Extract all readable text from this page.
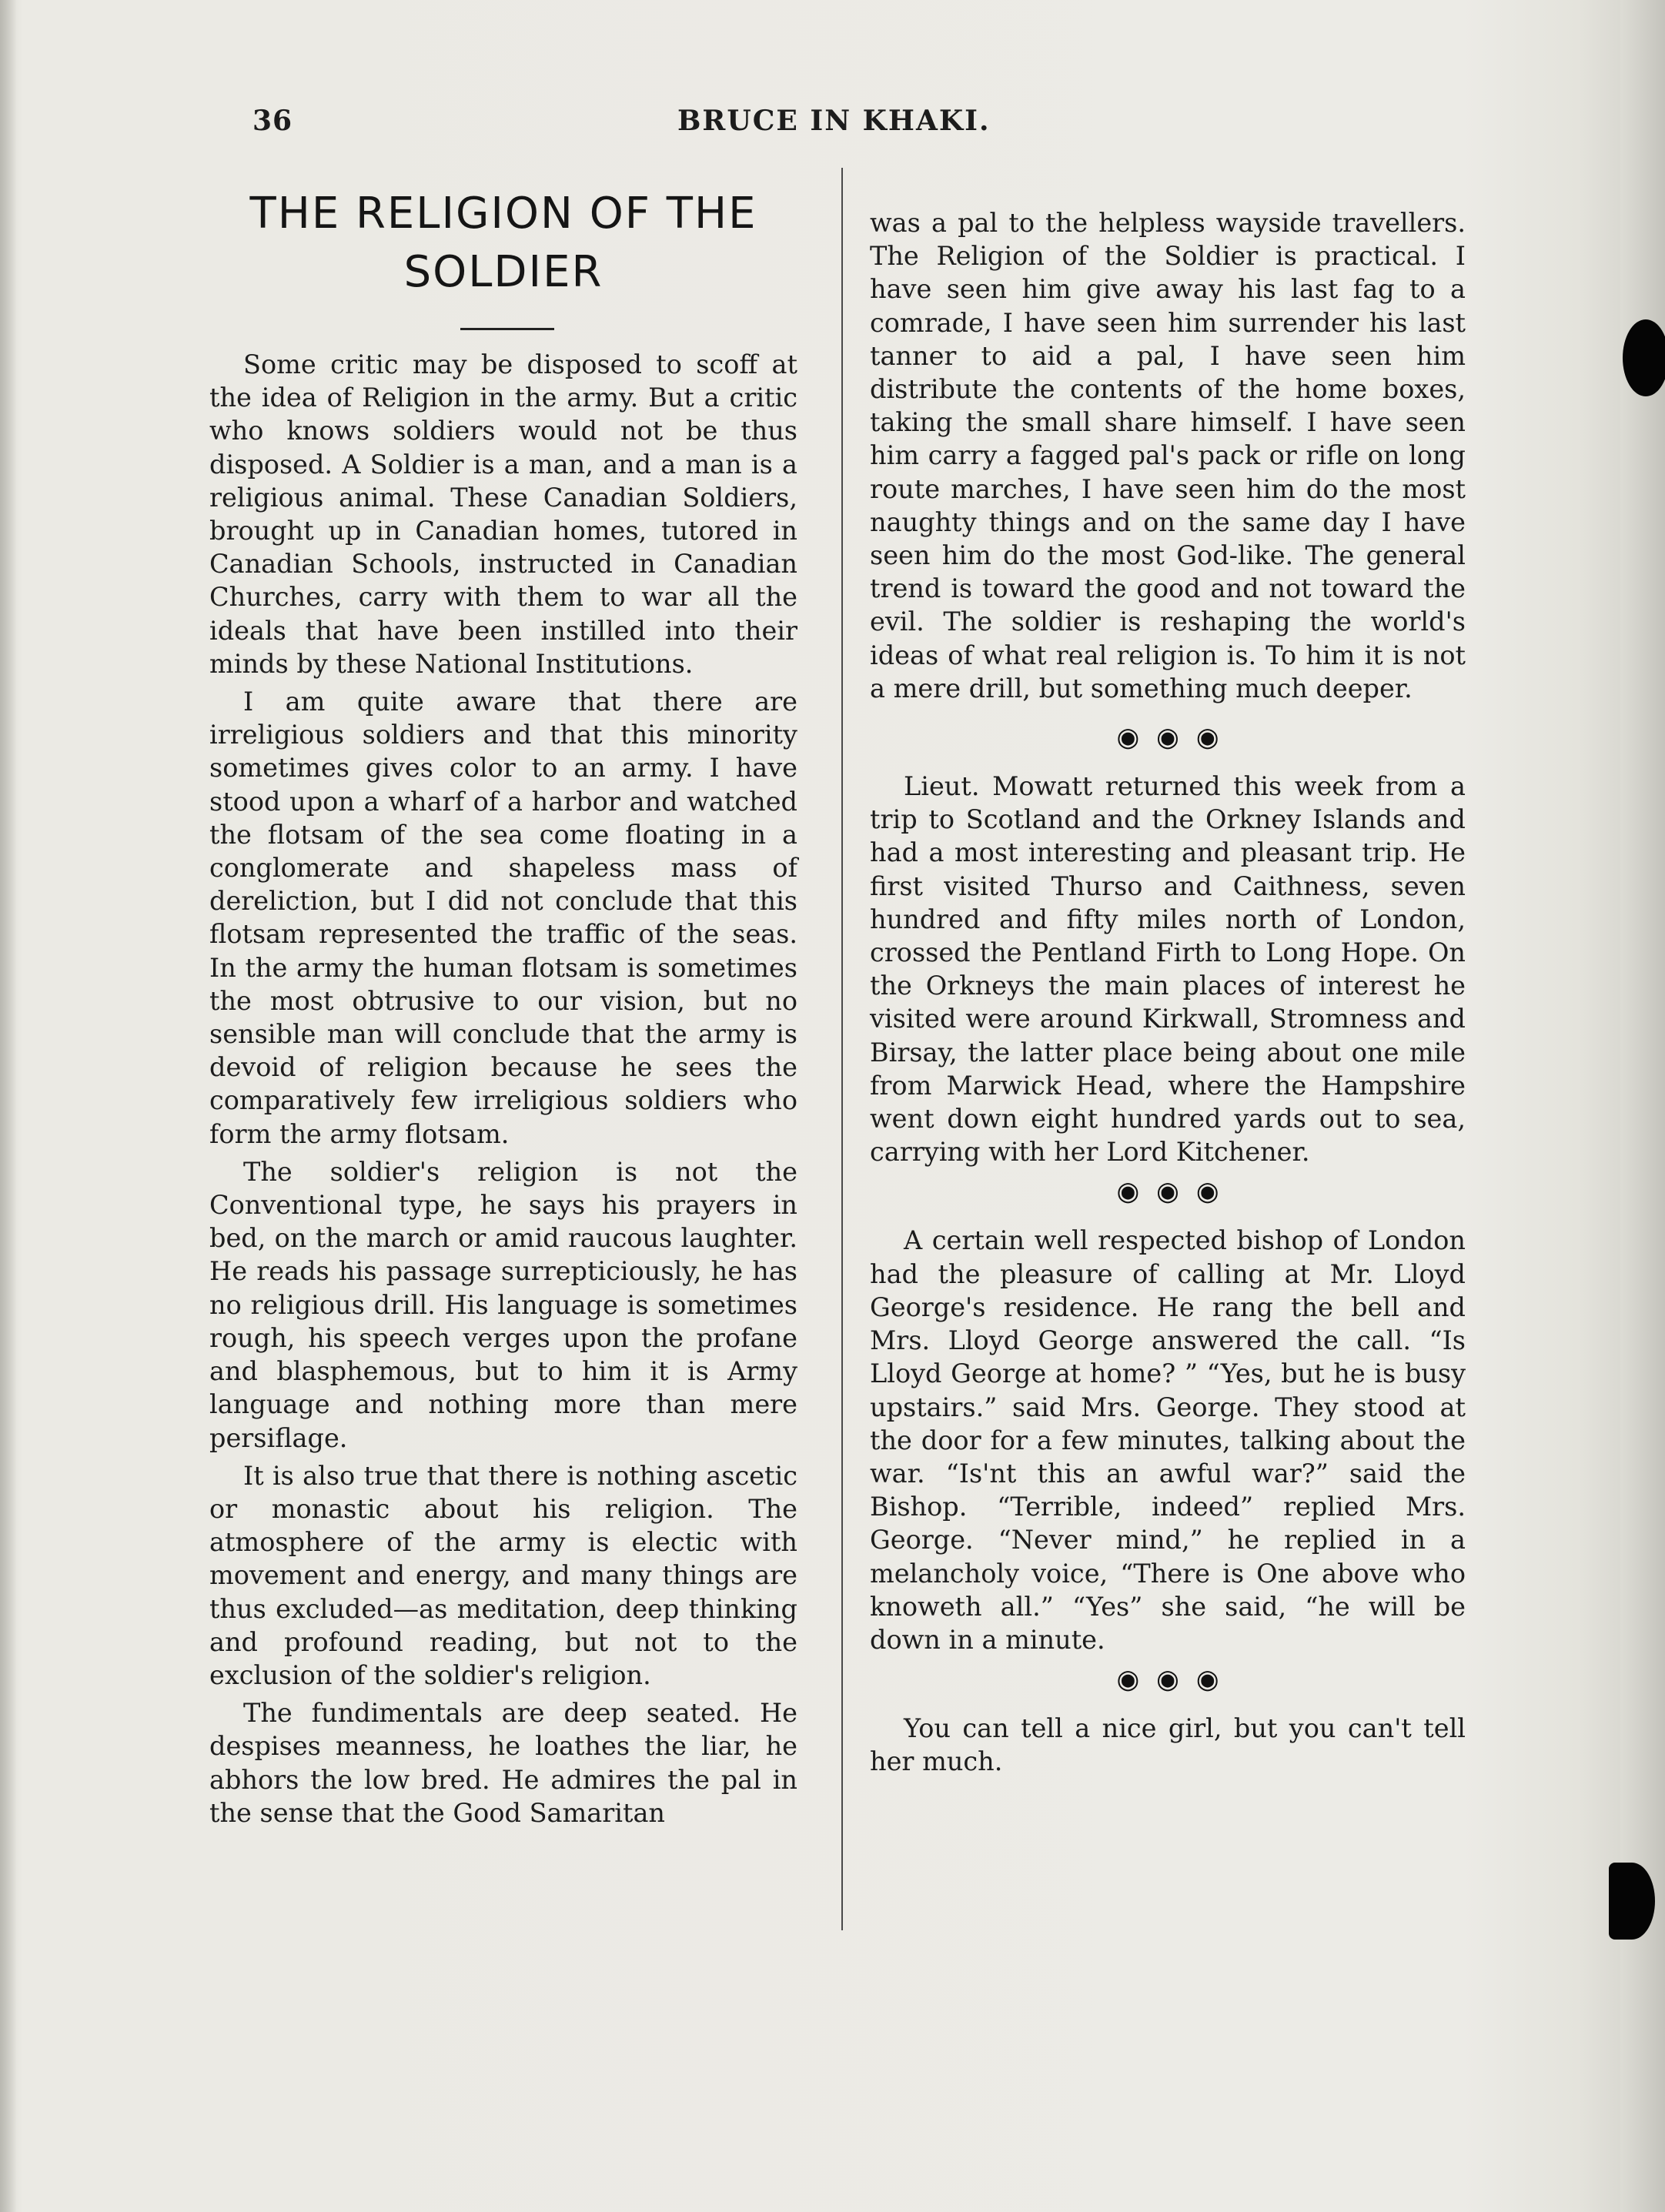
36	BRUCE IN KHAKI.
THE RELIGION OF THE SOLDIER

Some critic may be disposed to scoff at the idea of Religion in the army. But a critic who knows soldiers would not be thus disposed. A Soldier is a man, and a man is a religious animal. These Canadian Soldiers, brought up in Canadian homes, tutored in Canadian Schools, instructed in Canadian Churches, carry with them to war all the ideals that have been instilled into their minds by these National Institutions.

I am quite aware that there are irreligious soldiers and that this minority sometimes gives color to an army. I have stood upon a wharf of a harbor and watched the flotsam of the sea come floating in a conglomerate and shapeless mass of dereliction, but I did not conclude that this flotsam represented the traffic of the seas. In the army the human flotsam is sometimes the most obtrusive to our vision, but no sensible man will conclude that the army is devoid of religion because he sees the comparatively few irreligious soldiers who form the army flotsam.

The soldier's religion is not the Conventional type, he says his prayers in bed, on the march or amid raucous laughter. He reads his passage surrepticiously, he has no religious drill. His language is sometimes rough, his speech verges upon the profane and blasphemous, but to him it is Army language and nothing more than mere persiflage.

It is also true that there is nothing ascetic or monastic about his religion. The atmosphere of the army is electic with movement and energy, and many things are thus excluded—as meditation, deep thinking and profound reading, but not to the exclusion of the soldier's religion.

The fundimentals are deep seated. He despises meanness, he loathes the liar, he abhors the low bred. He admires the pal in the sense that the Good Samaritan

was a pal to the helpless wayside travellers. The Religion of the Soldier is practical. I have seen him give away his last fag to a comrade, I have seen him surrender his last tanner to aid a pal, I have seen him distribute the contents of the home boxes, taking the small share himself. I have seen him carry a fagged pal's pack or rifle on long route marches, I have seen him do the most naughty things and on the same day I have seen him do the most God-like. The general trend is toward the good and not toward the evil. The soldier is reshaping the world's ideas of what real religion is. To him it is not a mere drill, but something much deeper.

◉◉◉

Lieut. Mowatt returned this week from a trip to Scotland and the Orkney Islands and had a most interesting and pleasant trip. He first visited Thurso and Caithness, seven hundred and fifty miles north of London, crossed the Pentland Firth to Long Hope. On the Orkneys the main places of interest he visited were around Kirkwall, Stromness and Birsay, the latter place being about one mile from Marwick Head, where the Hampshire went down eight hundred yards out to sea, carrying with her Lord Kitchener.

◉◉◉

A certain well respected bishop of London had the pleasure of calling at Mr. Lloyd George's residence. He rang the bell and Mrs. Lloyd George answered the call. “Is Lloyd George at home? ” “Yes, but he is busy upstairs.” said Mrs. George. They stood at the door for a few minutes, talking about the war. “Is'nt this an awful war?” said the Bishop. “Terrible, indeed” replied Mrs. George. “Never mind,” he replied in a melancholy voice, “There is One above who knoweth all.” “Yes” she said, “he will be down in a minute.

◉◉◉

You can tell a nice girl, but you can't tell her much.
